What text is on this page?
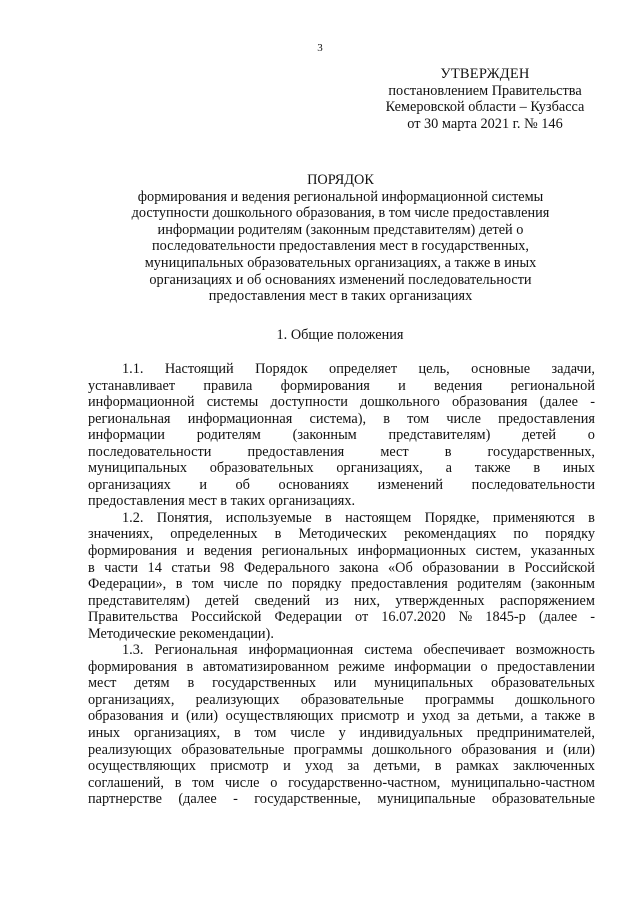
3
УТВЕРЖДЕН
постановлением Правительства
Кемеровской области – Кузбасса
от 30 марта 2021 г. № 146
ПОРЯДОК
формирования и ведения региональной информационной системы
доступности дошкольного образования, в том числе предоставления
информации родителям (законным представителям) детей о
последовательности предоставления мест в государственных,
муниципальных образовательных организациях, а также в иных
организациях и об основаниях изменений последовательности
предоставления мест в таких организациях
1. Общие положения
1.1. Настоящий Порядок определяет цель, основные задачи,
устанавливает правила формирования и ведения региональной
информационной системы доступности дошкольного образования (далее -
региональная информационная система), в том числе предоставления
информации родителям (законным представителям) детей о
последовательности	предоставления	мест	в	государственных,
муниципальных образовательных организациях, а также в иных
организациях и об основаниях изменений последовательности
предоставления мест в таких организациях.
1.2. Понятия, используемые в настоящем Порядке, применяются в
значениях, определенных в Методических рекомендациях по порядку
формирования и ведения региональных информационных систем, указанных
в части 14 статьи 98 Федерального закона «Об образовании в Российской
Федерации», в том числе по порядку предоставления родителям (законным
представителям) детей сведений из них, утвержденных распоряжением
Правительства Российской Федерации от 16.07.2020 № 1845-р (далее -
Методические рекомендации).
1.3. Региональная информационная система обеспечивает возможность
формирования в автоматизированном режиме информации о предоставлении
мест детям в государственных или муниципальных образовательных
организациях, реализующих образовательные программы дошкольного
образования и (или) осуществляющих присмотр и уход за детьми, а также в
иных организациях, в том числе у индивидуальных предпринимателей,
реализующих образовательные программы дошкольного образования и (или)
осуществляющих присмотр и уход за детьми, в рамках заключенных
соглашений, в том числе о государственно-частном, муниципально-частном
партнерстве (далее - государственные, муниципальные образовательные
